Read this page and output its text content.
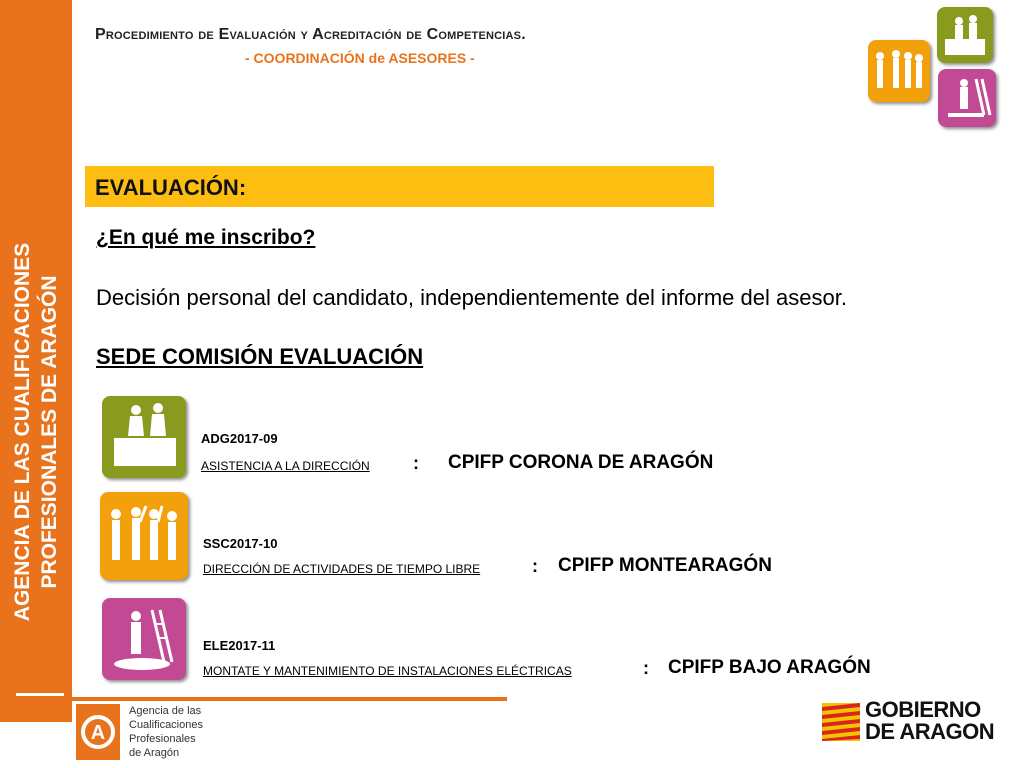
AGENCIA DE LAS CUALIFICACIONES PROFESIONALES DE ARAGÓN
Procedimiento de Evaluación y Acreditación de Competencias.
- COORDINACIÓN de ASESORES -
EVALUACIÓN:
¿En qué me inscribo?
Decisión personal del candidato, independientemente del informe del asesor.
SEDE COMISIÓN EVALUACIÓN
ADG2017-09
ASISTENCIA A LA DIRECCIÓN : CPIFP CORONA DE ARAGÓN
SSC2017-10
DIRECCIÓN DE ACTIVIDADES DE TIEMPO LIBRE	: CPIFP MONTEARAGÓN
ELE2017-11
MONTATE Y MANTENIMIENTO DE INSTALACIONES ELÉCTRICAS	: CPIFP BAJO ARAGÓN
A
Agencia de las
Cualificaciones
Profesionales
de Aragón
GOBIERNO
DE ARAGON
